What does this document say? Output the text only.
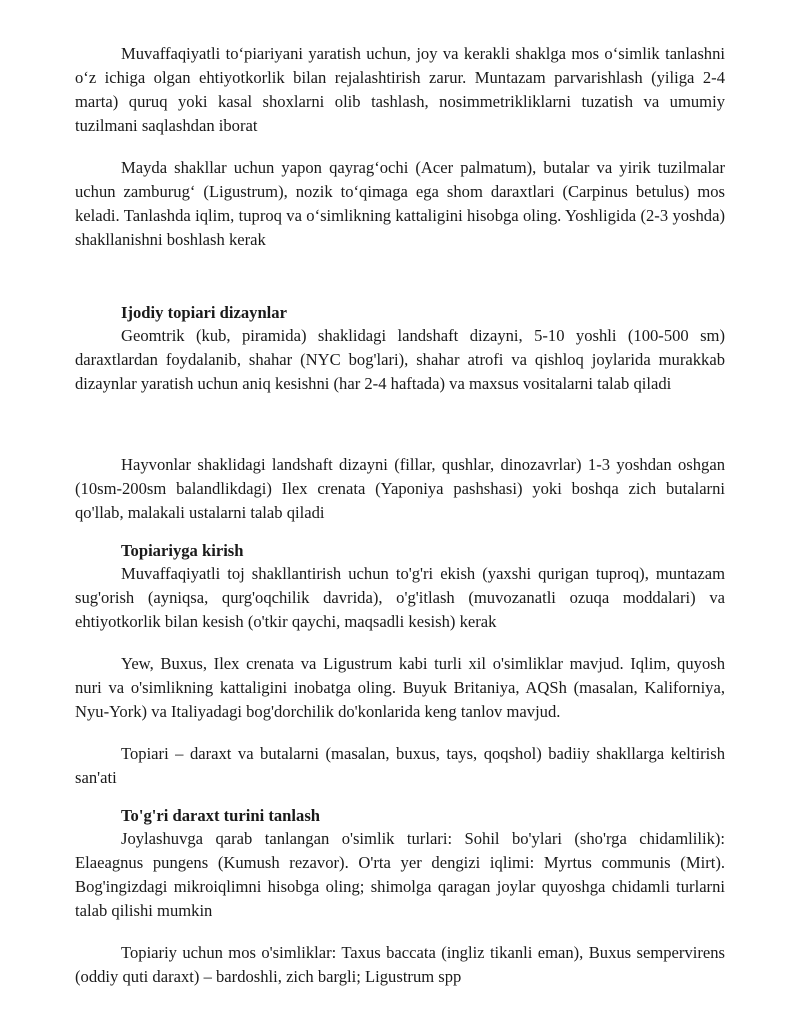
Muvaffaqiyatli to‘piariyani yaratish uchun, joy va kerakli shaklga mos o‘simlik tanlashni o‘z ichiga olgan ehtiyotkorlik bilan rejalashtirish zarur. Muntazam parvarishlash (yiliga 2-4 marta) quruq yoki kasal shoxlarni olib tashlash, nosimmetrikliklarni tuzatish va umumiy tuzilmani saqlashdan iborat

Mayda shakllar uchun yapon qayrag‘ochi (Acer palmatum), butalar va yirik tuzilmalar uchun zamburug‘ (Ligustrum), nozik to‘qimaga ega shom daraxtlari (Carpinus betulus) mos keladi. Tanlashda iqlim, tuproq va o‘simlikning kattaligini hisobga oling. Yoshligida (2-3 yoshda) shakllanishni boshlash kerak

Ijodiy topiari dizaynlar

Geomtrik (kub, piramida) shaklidagi landshaft dizayni, 5-10 yoshli (100-500 sm) daraxtlardan foydalanib, shahar (NYC bog'lari), shahar atrofi va qishloq joylarida murakkab dizaynlar yaratish uchun aniq kesishni (har 2-4 haftada) va maxsus vositalarni talab qiladi

Hayvonlar shaklidagi landshaft dizayni (fillar, qushlar, dinozavrlar) 1-3 yoshdan oshgan (10sm-200sm balandlikdagi) Ilex crenata (Yaponiya pashshasi) yoki boshqa zich butalarni qo'llab, malakali ustalarni talab qiladi

Topiariyga kirish

Muvaffaqiyatli toj shakllantirish uchun to'g'ri ekish (yaxshi qurigan tuproq), muntazam sug'orish (ayniqsa, qurg'oqchilik davrida), o'g'itlash (muvozanatli ozuqa moddalari) va ehtiyotkorlik bilan kesish (o'tkir qaychi, maqsadli kesish) kerak

Yew, Buxus, Ilex crenata va Ligustrum kabi turli xil o'simliklar mavjud. Iqlim, quyosh nuri va o'simlikning kattaligini inobatga oling. Buyuk Britaniya, AQSh (masalan, Kaliforniya, Nyu-York) va Italiyadagi bog'dorchilik do'konlarida keng tanlov mavjud.

Topiari – daraxt va butalarni (masalan, buxus, tays, qoqshol) badiiy shakllarga keltirish san'ati

To'g'ri daraxt turini tanlash

Joylashuvga qarab tanlangan o'simlik turlari: Sohil bo'ylari (sho'rga chidamlilik): Elaeagnus pungens (Kumush rezavor). O'rta yer dengizi iqlimi: Myrtus communis (Mirt). Bog'ingizdagi mikroiqlimni hisobga oling; shimolga qaragan joylar quyoshga chidamli turlarni talab qilishi mumkin

Topiariy uchun mos o'simliklar: Taxus baccata (ingliz tikanli eman), Buxus sempervirens (oddiy quti daraxt) – bardoshli, zich bargli; Ligustrum spp
